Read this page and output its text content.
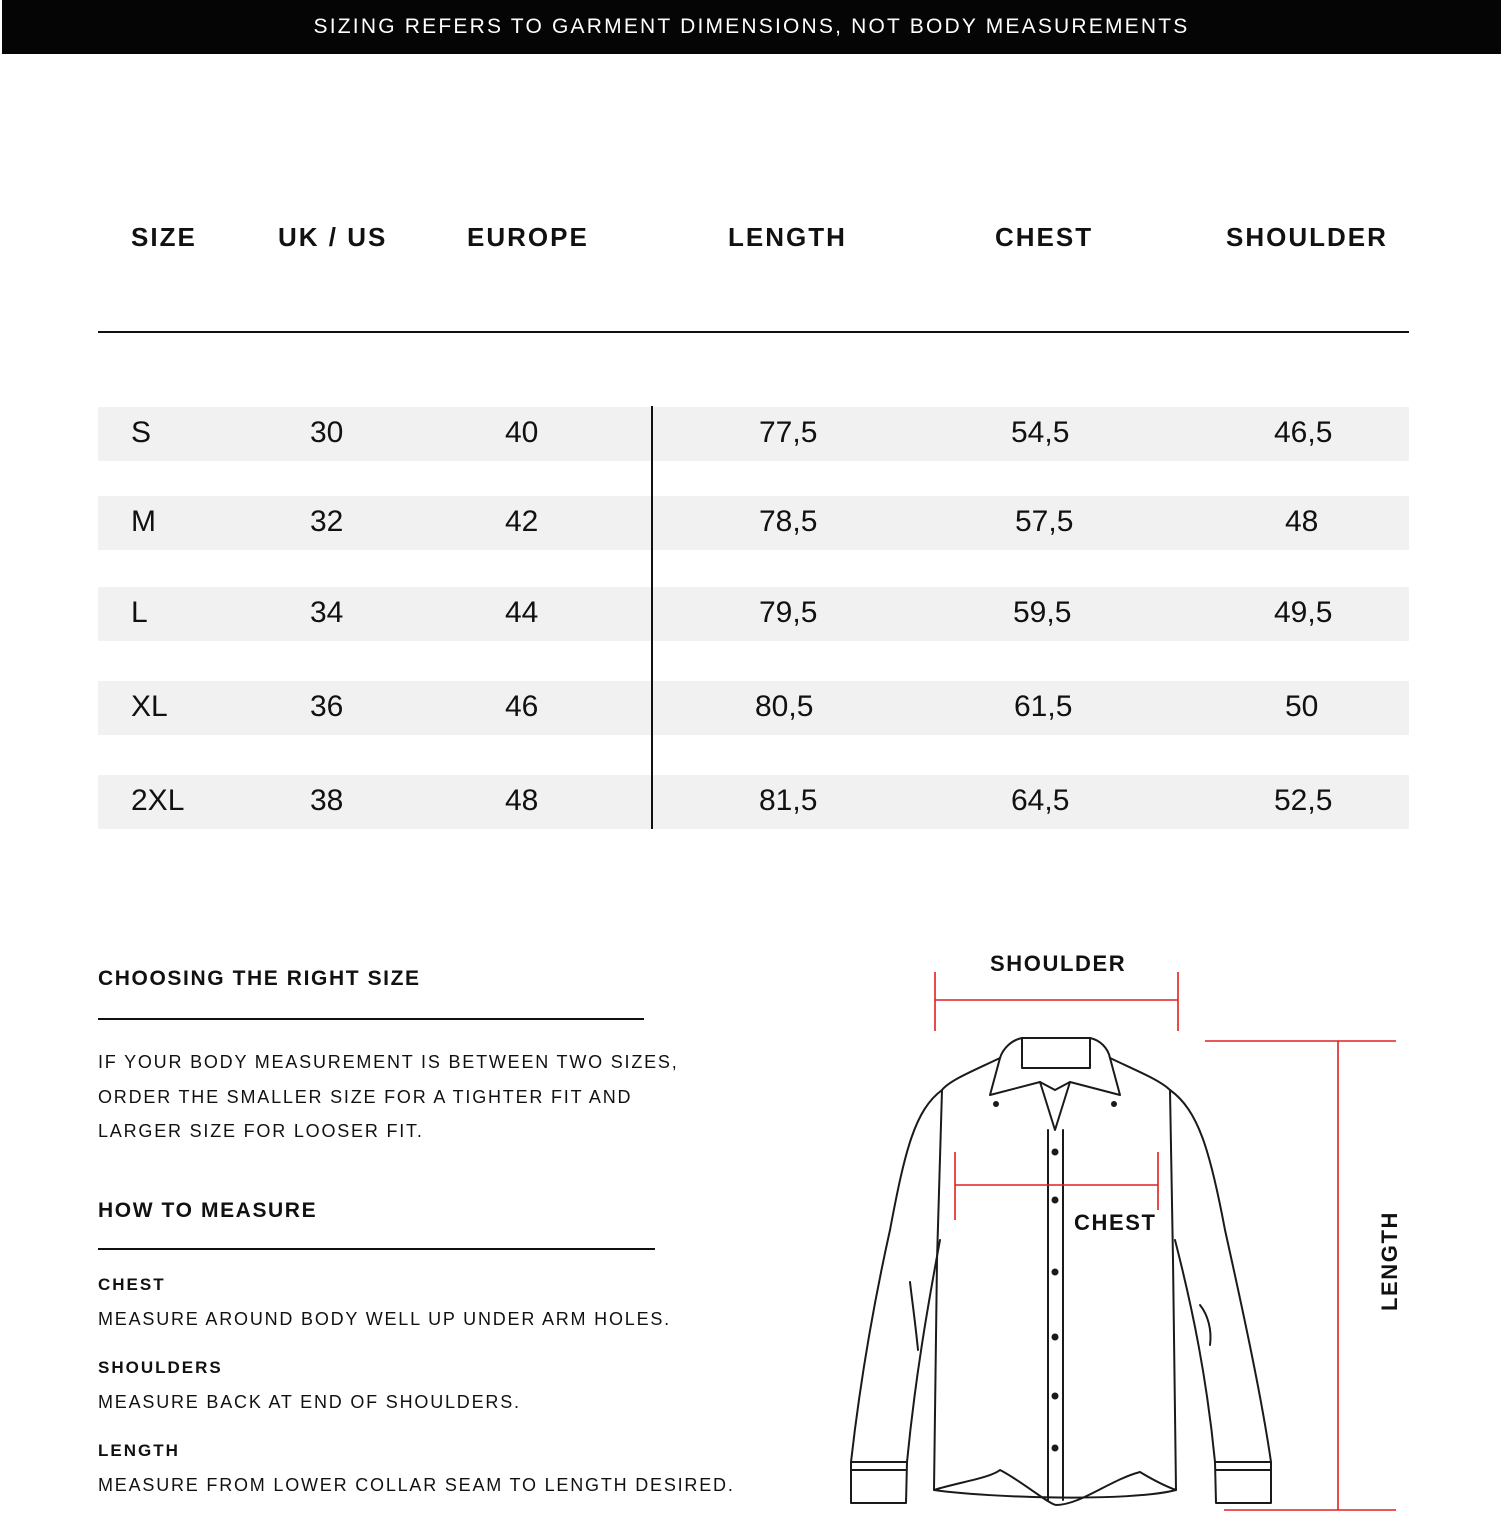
SIZING REFERS TO GARMENT DIMENSIONS, NOT BODY MEASUREMENTS
SIZE	UK / US	EUROPE	LENGTH	CHEST	SHOULDER
S	30	40	77,5	54,5	46,5
M	32	42	78,5	57,5	48
L	34	44	79,5	59,5	49,5
XL	36	46	80,5	61,5	50
2XL	38	48	81,5	64,5	52,5
CHOOSING THE RIGHT SIZE
IF YOUR BODY MEASUREMENT IS BETWEEN TWO SIZES,
ORDER THE SMALLER SIZE FOR A TIGHTER FIT AND
LARGER SIZE FOR LOOSER FIT.
HOW TO MEASURE
CHEST
MEASURE AROUND BODY WELL UP UNDER ARM HOLES.
SHOULDERS
MEASURE BACK AT END OF SHOULDERS.
LENGTH
MEASURE FROM LOWER COLLAR SEAM TO LENGTH DESIRED.
SHOULDER
CHEST	LENGTH
